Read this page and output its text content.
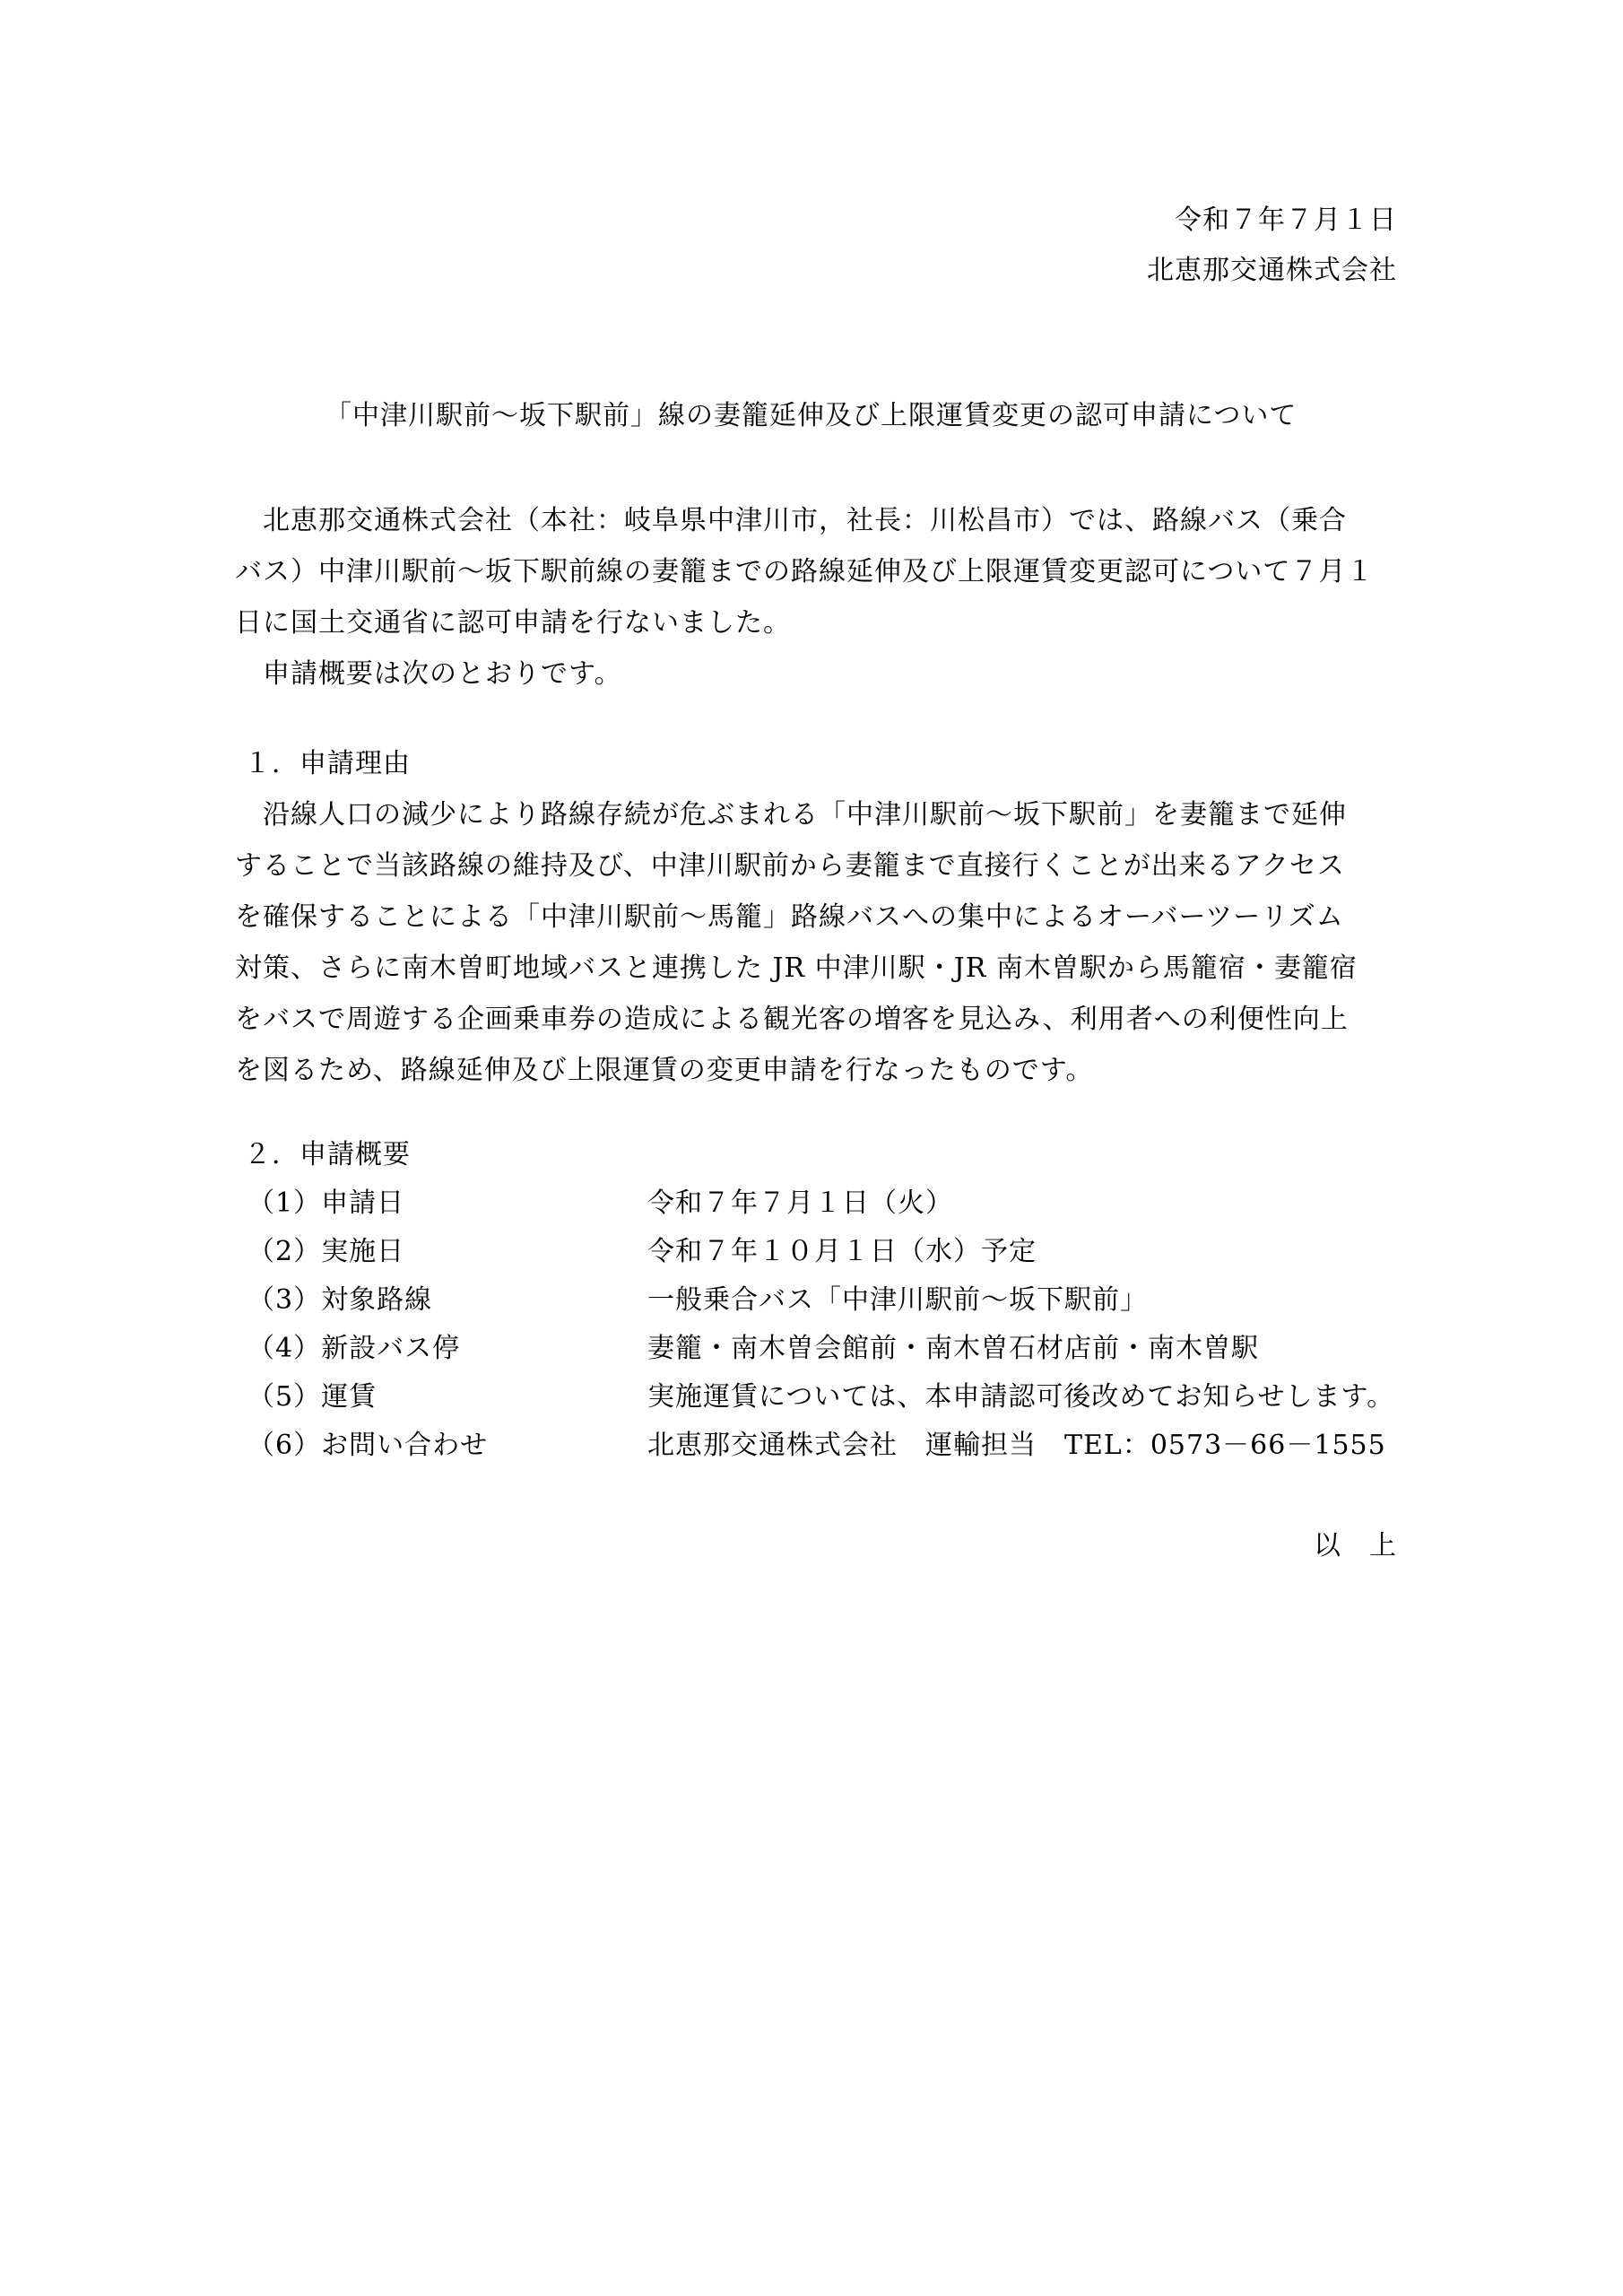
令和７年７月１日
北恵那交通株式会社
「中津川駅前～坂下駅前」線の妻籠延伸及び上限運賃変更の認可申請について
　北恵那交通株式会社（本社：岐阜県中津川市，社長：川松昌市）では、路線バス（乗合
バス）中津川駅前～坂下駅前線の妻籠までの路線延伸及び上限運賃変更認可について７月１
日に国土交通省に認可申請を行ないました。
　申請概要は次のとおりです。
１．申請理由
　沿線人口の減少により路線存続が危ぶまれる「中津川駅前～坂下駅前」を妻籠まで延伸
することで当該路線の維持及び、中津川駅前から妻籠まで直接行くことが出来るアクセス
を確保することによる「中津川駅前～馬籠」路線バスへの集中によるオーバーツーリズム
対策、さらに南木曽町地域バスと連携した JR 中津川駅・JR 南木曽駅から馬籠宿・妻籠宿
をバスで周遊する企画乗車券の造成による観光客の増客を見込み、利用者への利便性向上
を図るため、路線延伸及び上限運賃の変更申請を行なったものです。
２．申請概要
（1）申請日	令和７年７月１日（火）
（2）実施日	令和７年１０月１日（水）予定
（3）対象路線	一般乗合バス「中津川駅前～坂下駅前」
（4）新設バス停	妻籠・南木曽会館前・南木曽石材店前・南木曽駅
（5）運賃	実施運賃については、本申請認可後改めてお知らせします。
（6）お問い合わせ	北恵那交通株式会社　運輸担当　TEL：0573－66－1555
以　上
